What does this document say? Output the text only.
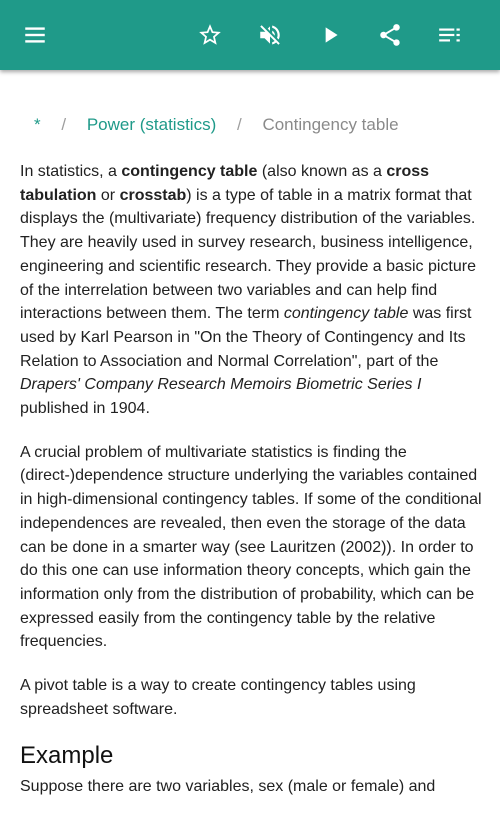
* / Power (statistics) / Contingency table

In statistics, a contingency table (also known as a cross tabulation or crosstab) is a type of table in a matrix format that displays the (multivariate) frequency distribution of the variables. They are heavily used in survey research, business intelligence, engineering and scientific research. They provide a basic picture of the interrelation between two variables and can help find interactions between them. The term contingency table was first used by Karl Pearson in "On the Theory of Contingency and Its Relation to Association and Normal Correlation", part of the Drapers' Company Research Memoirs Biometric Series I published in 1904.

A crucial problem of multivariate statistics is finding the (direct-)dependence structure underlying the variables contained in high-dimensional contingency tables. If some of the conditional independences are revealed, then even the storage of the data can be done in a smarter way (see Lauritzen (2002)). In order to do this one can use information theory concepts, which gain the information only from the distribution of probability, which can be expressed easily from the contingency table by the relative frequencies.

A pivot table is a way to create contingency tables using spreadsheet software.

Example

Suppose there are two variables, sex (male or female) and
